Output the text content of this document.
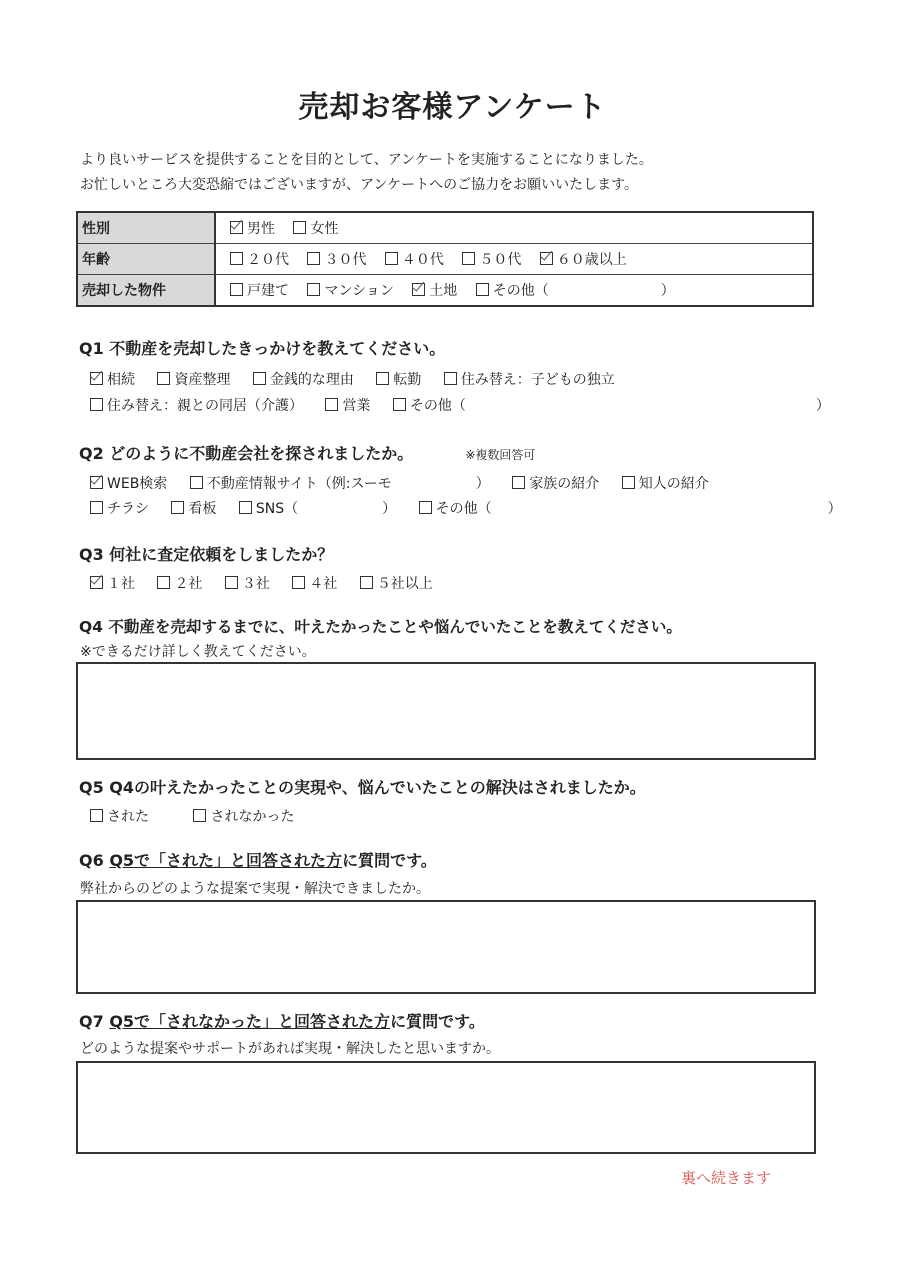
売却お客様アンケート
より良いサービスを提供することを目的として、アンケートを実施することになりました。
お忙しいところ大変恐縮ではございますが、アンケートへのご協力をお願いいたします。
性別	男性 女性
年齢	２０代 ３０代 ４０代 ５０代 ６０歳以上
売却した物件	戸建て マンション 土地 その他（　　　　　　　　）
Q1 不動産を売却したきっかけを教えてください。
相続	資産整理	金銭的な理由	転勤	住み替え：子どもの独立
住み替え：親との同居（介護）	営業	その他（　　　　　　　　　　　　　　　　　　　　　　　　　）
Q2 どのように不動産会社を探されましたか。	※複数回答可
WEB検索	不動産情報サイト（例:スーモ　　　　　　）	家族の紹介	知人の紹介
チラシ	看板	SNS（　　　　　　）	その他（　　　　　　　　　　　　　　　　　　　　　　　　）
Q3 何社に査定依頼をしましたか？
１社	２社	３社	４社	５社以上
Q4 不動産を売却するまでに、叶えたかったことや悩んでいたことを教えてください。
※できるだけ詳しく教えてください。
Q5 Q4の叶えたかったことの実現や、悩んでいたことの解決はされましたか。
された	されなかった
Q6 Q5で「された」と回答された方に質問です。
弊社からのどのような提案で実現・解決できましたか。
Q7 Q5で「されなかった」と回答された方に質問です。
どのような提案やサポートがあれば実現・解決したと思いますか。
裏へ続きます
